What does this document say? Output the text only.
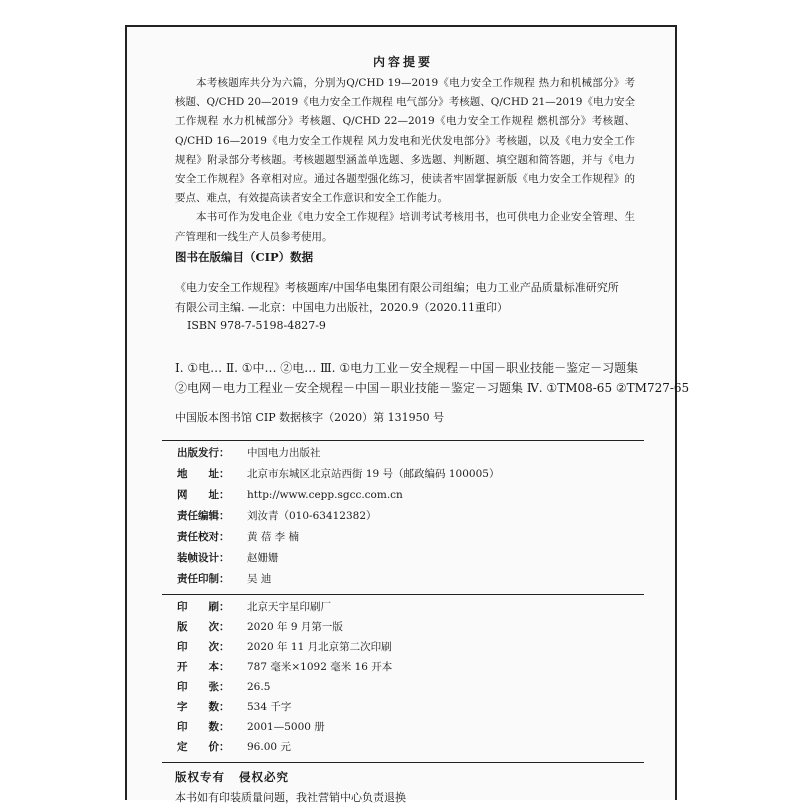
内容提要

本考核题库共分为六篇，分别为Q/CHD 19—2019《电力安全工作规程 热力和机械部分》考核题、Q/CHD 20—2019《电力安全工作规程 电气部分》考核题、Q/CHD 21—2019《电力安全工作规程 水力机械部分》考核题、Q/CHD 22—2019《电力安全工作规程 燃机部分》考核题、Q/CHD 16—2019《电力安全工作规程 风力发电和光伏发电部分》考核题，以及《电力安全工作规程》附录部分考核题。考核题题型涵盖单选题、多选题、判断题、填空题和简答题，并与《电力安全工作规程》各章相对应。通过各题型强化练习，使读者牢固掌握新版《电力安全工作规程》的要点、难点，有效提高读者安全工作意识和安全工作能力。

本书可作为发电企业《电力安全工作规程》培训考试考核用书，也可供电力企业安全管理、生产管理和一线生产人员参考使用。

图书在版编目（CIP）数据
《电力安全工作规程》考核题库/中国华电集团有限公司组编；电力工业产品质量标准研究所
有限公司主编. —北京：中国电力出版社，2020.9（2020.11重印）
ISBN 978-7-5198-4827-9
Ⅰ. ①电… Ⅱ. ①中… ②电… Ⅲ. ①电力工业－安全规程－中国－职业技能－鉴定－习题集
②电网－电力工程业－安全规程－中国－职业技能－鉴定－习题集 Ⅳ. ①TM08-65 ②TM727-65
中国版本图书馆 CIP 数据核字（2020）第 131950 号
出版发行： 中国电力出版社
地　　址： 北京市东城区北京站西街 19 号（邮政编码 100005）
网　　址： http://www.cepp.sgcc.com.cn
责任编辑： 刘汝青（010-63412382）
责任校对： 黄 蓓 李 楠
装帧设计： 赵姗姗
责任印制： 吴 迪
印　　刷： 北京天宇星印刷厂
版　　次： 2020 年 9 月第一版
印　　次： 2020 年 11 月北京第二次印刷
开　　本： 787 毫米×1092 毫米 16 开本
印　　张： 26.5
字　　数： 534 千字
印　　数： 2001—5000 册
定　　价： 96.00 元
版权专有 侵权必究
本书如有印装质量问题，我社营销中心负责退换
